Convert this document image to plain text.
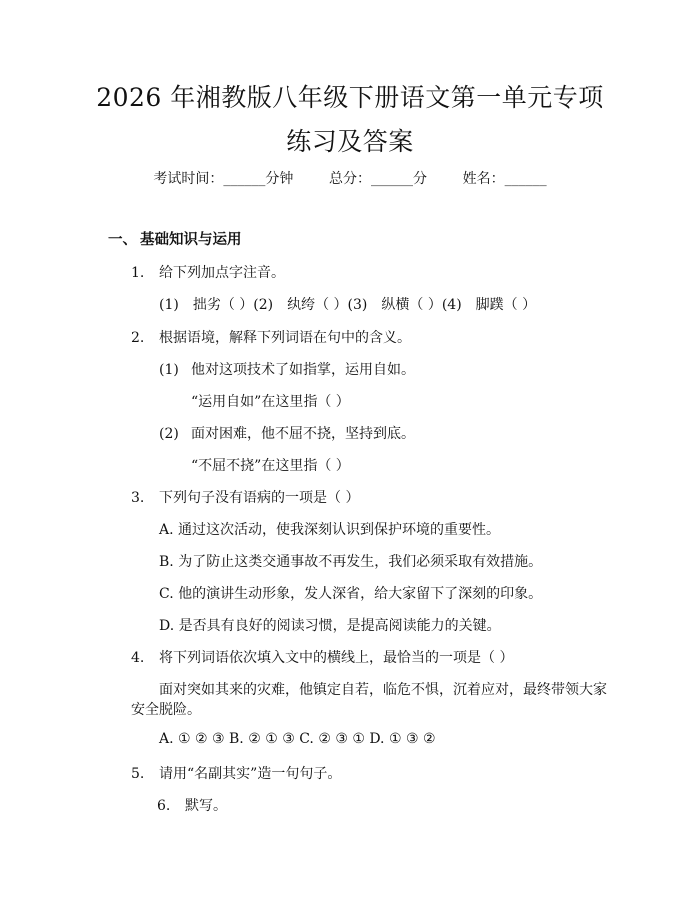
2026 年湘教版八年级下册语文第一单元专项
练习及答案
考试时间：______分钟	总分：______分	姓名：______
一、 基础知识与运用
1. 给下列加点字注音。
(1)　拙劣（ ）(2)　纨绔（ ）(3)　纵横（ ）(4)　脚蹼（ ）
2. 根据语境，解释下列词语在句中的含义。
(1) 他对这项技术了如指掌，运用自如。
“运用自如”在这里指（ ）
(2) 面对困难，他不屈不挠，坚持到底。
“不屈不挠”在这里指（ ）
3. 下列句子没有语病的一项是（ ）
A. 通过这次活动，使我深刻认识到保护环境的重要性。
B. 为了防止这类交通事故不再发生，我们必须采取有效措施。
C. 他的演讲生动形象，发人深省，给大家留下了深刻的印象。
D. 是否具有良好的阅读习惯，是提高阅读能力的关键。
4. 将下列词语依次填入文中的横线上，最恰当的一项是（ ）
面对突如其来的灾难，他镇定自若，临危不惧，沉着应对，最终带领大家
安全脱险。
A. ① ② ③ B. ② ① ③ C. ② ③ ① D. ① ③ ②
5. 请用“名副其实”造一句句子。
6. 默写。
